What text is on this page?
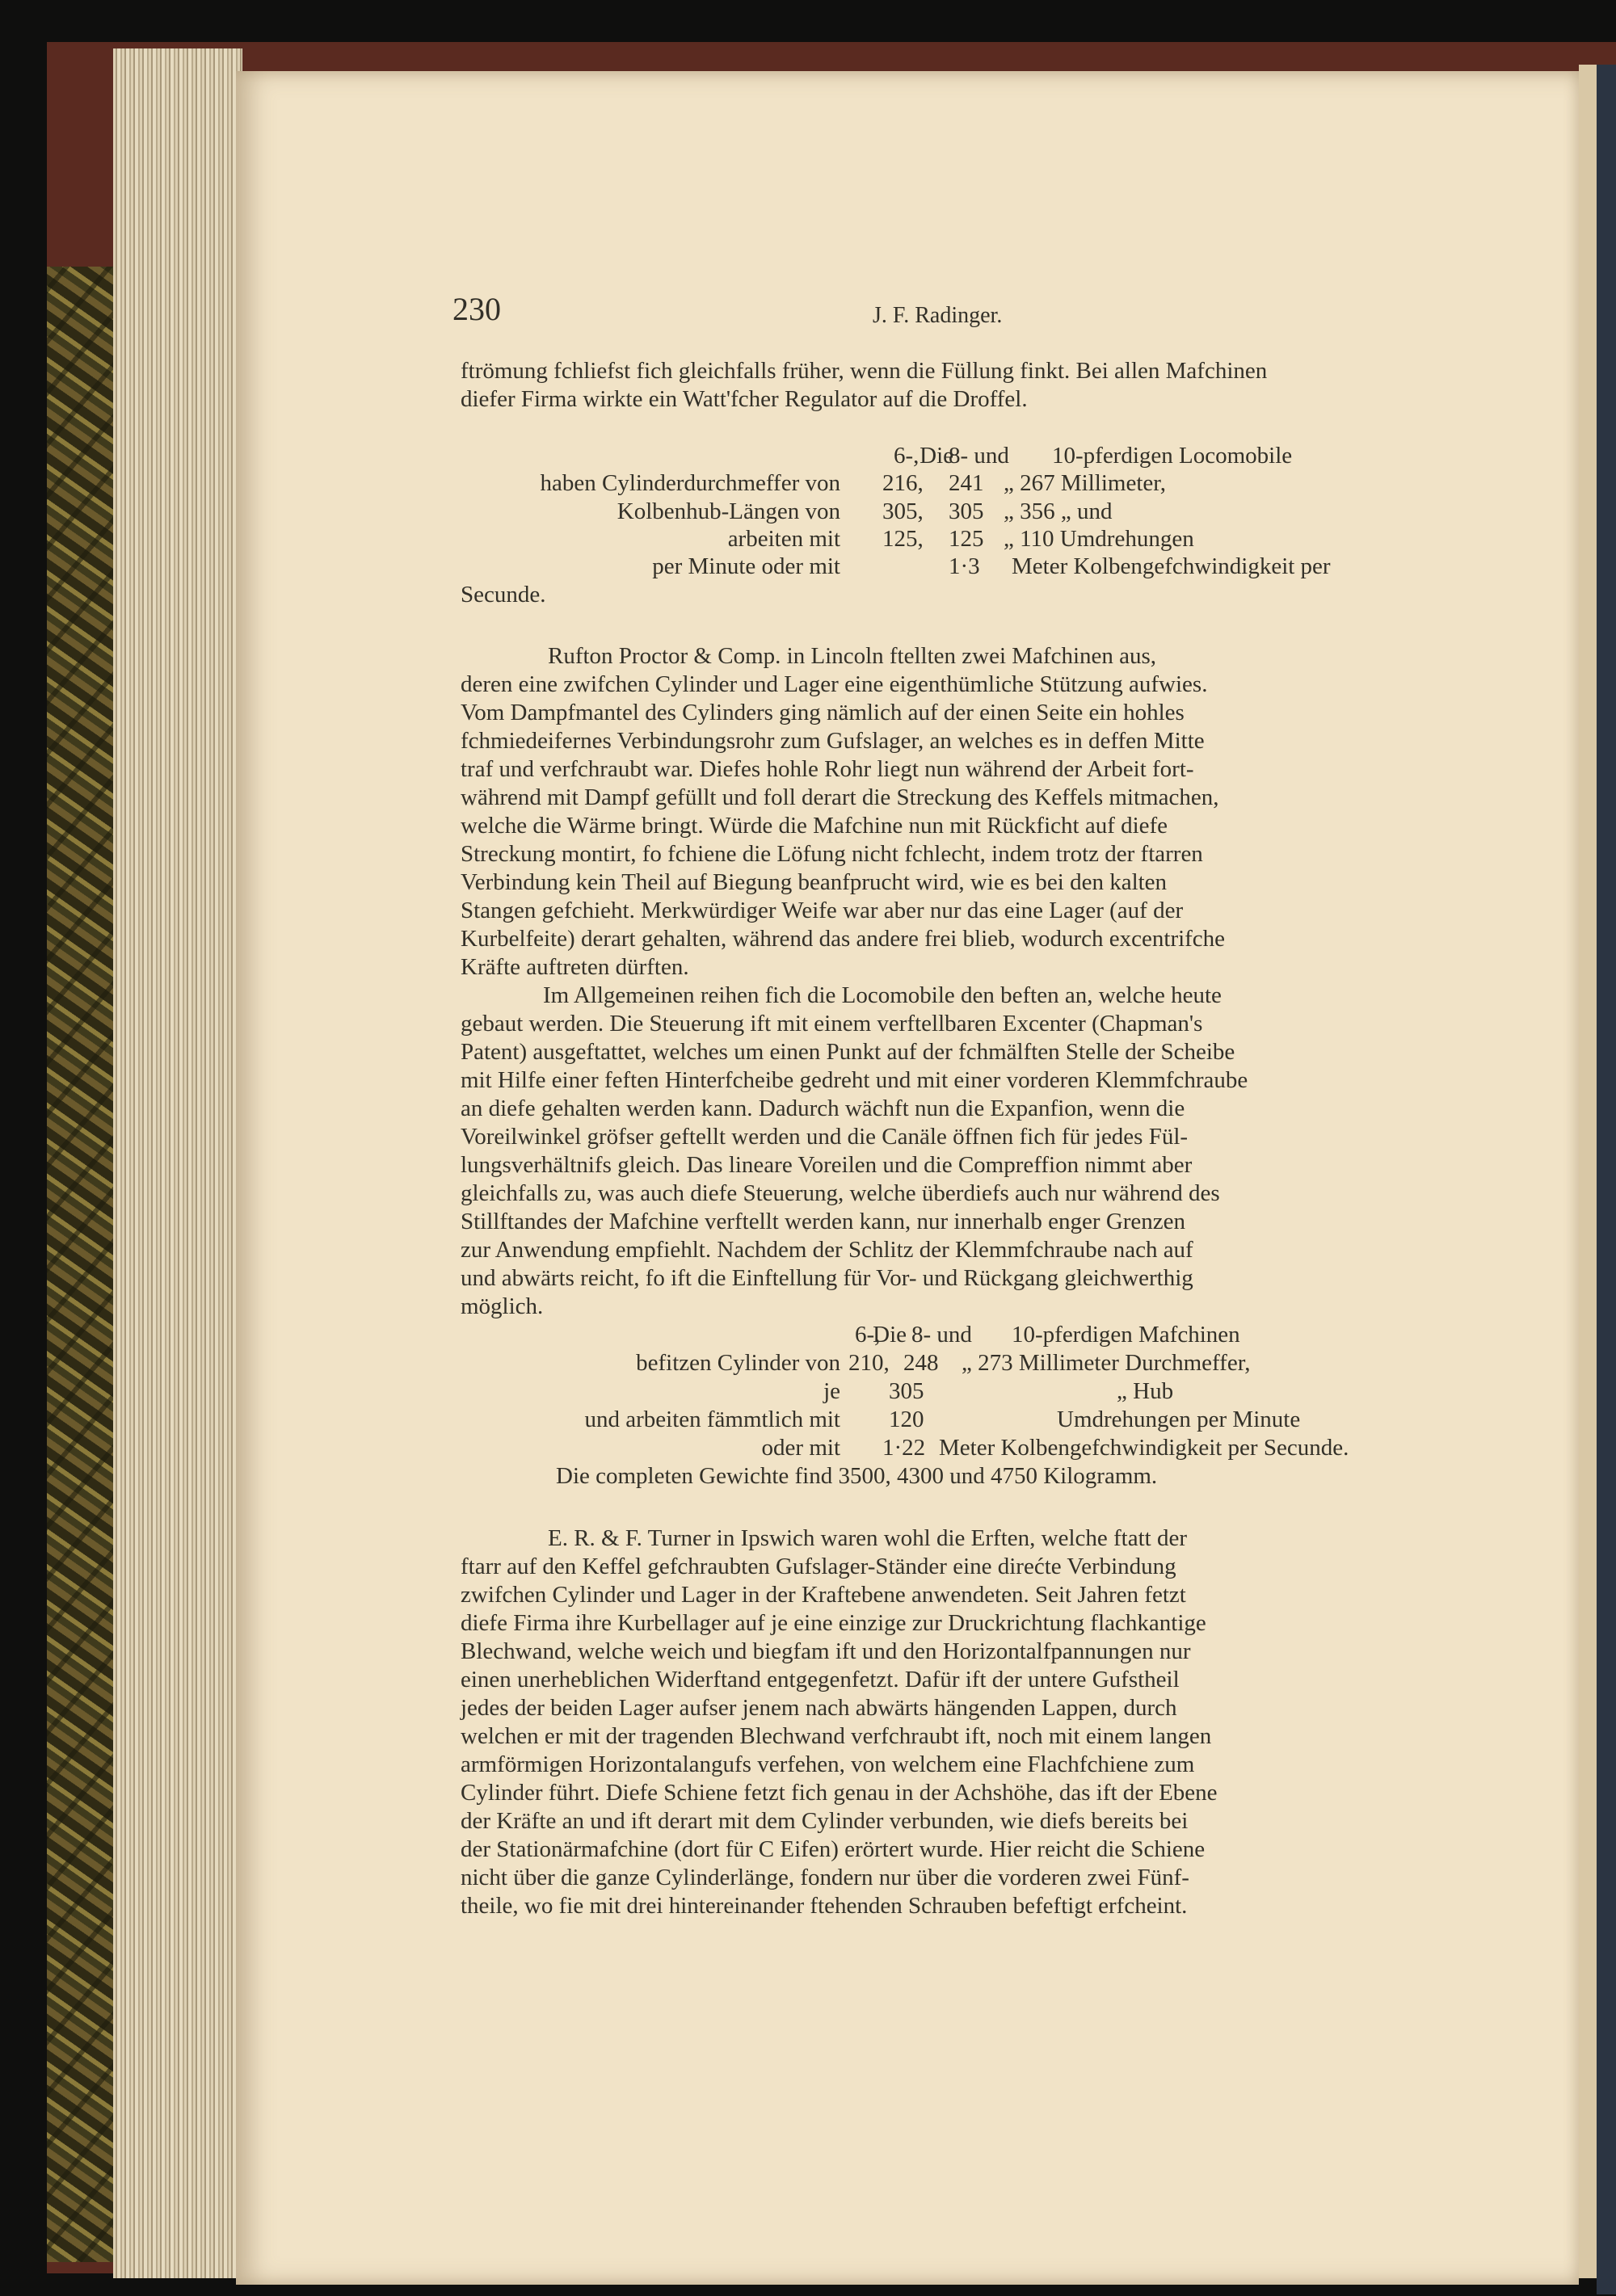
230	J. F. Radinger.
ftrömung fchliefst fich gleichfalls früher, wenn die Füllung finkt. Bei allen Mafchinen
diefer Firma wirkte ein Watt'fcher Regulator auf die Droffel.
Die
haben Cylinderdurchmeffer von
Kolbenhub-Längen von
arbeiten mit
per Minute oder mit
6-,
216,
305,
125,
8- und
241
305
125
1·3
10-pferdigen Locomobile
„ 267 Millimeter,
„ 356 „ und
„ 110 Umdrehungen
Meter Kolbengefchwindigkeit per
Secunde.
Rufton Proctor & Comp. in Lincoln ftellten zwei Mafchinen aus,
deren eine zwifchen Cylinder und Lager eine eigenthümliche Stützung aufwies.
Vom Dampfmantel des Cylinders ging nämlich auf der einen Seite ein hohles
fchmiedeifernes Verbindungsrohr zum Gufslager, an welches es in deffen Mitte
traf und verfchraubt war. Diefes hohle Rohr liegt nun während der Arbeit fort-
während mit Dampf gefüllt und foll derart die Streckung des Keffels mitmachen,
welche die Wärme bringt. Würde die Mafchine nun mit Rückficht auf diefe
Streckung montirt, fo fchiene die Löfung nicht fchlecht, indem trotz der ftarren
Verbindung kein Theil auf Biegung beanfprucht wird, wie es bei den kalten
Stangen gefchieht. Merkwürdiger Weife war aber nur das eine Lager (auf der
Kurbelfeite) derart gehalten, während das andere frei blieb, wodurch excentrifche
Kräfte auftreten dürften.
Im Allgemeinen reihen fich die Locomobile den beften an, welche heute
gebaut werden. Die Steuerung ift mit einem verftellbaren Excenter (Chapman's
Patent) ausgeftattet, welches um einen Punkt auf der fchmälften Stelle der Scheibe
mit Hilfe einer feften Hinterfcheibe gedreht und mit einer vorderen Klemmfchraube
an diefe gehalten werden kann. Dadurch wächft nun die Expanfion, wenn die
Voreilwinkel gröfser geftellt werden und die Canäle öffnen fich für jedes Fül-
lungsverhältnifs gleich. Das lineare Voreilen und die Compreffion nimmt aber
gleichfalls zu, was auch diefe Steuerung, welche überdiefs auch nur während des
Stillftandes der Mafchine verftellt werden kann, nur innerhalb enger Grenzen
zur Anwendung empfiehlt. Nachdem der Schlitz der Klemmfchraube nach auf
und abwärts reicht, fo ift die Einftellung für Vor- und Rückgang gleichwerthig
möglich.
Die
befitzen Cylinder von
je
und arbeiten fämmtlich mit
oder mit
6-,
210,
8- und
248
305
120
1·22
10-pferdigen Mafchinen
„ 273 Millimeter Durchmeffer,
„ Hub
Umdrehungen per Minute
Meter Kolbengefchwindigkeit per Secunde.
Die completen Gewichte find 3500, 4300 und 4750 Kilogramm.
E. R. & F. Turner in Ipswich waren wohl die Erften, welche ftatt der
ftarr auf den Keffel gefchraubten Gufslager-Ständer eine direćte Verbindung
zwifchen Cylinder und Lager in der Kraftebene anwendeten. Seit Jahren fetzt
diefe Firma ihre Kurbellager auf je eine einzige zur Druckrichtung flachkantige
Blechwand, welche weich und biegfam ift und den Horizontalfpannungen nur
einen unerheblichen Widerftand entgegenfetzt. Dafür ift der untere Gufstheil
jedes der beiden Lager aufser jenem nach abwärts hängenden Lappen, durch
welchen er mit der tragenden Blechwand verfchraubt ift, noch mit einem langen
armförmigen Horizontalangufs verfehen, von welchem eine Flachfchiene zum
Cylinder führt. Diefe Schiene fetzt fich genau in der Achshöhe, das ift der Ebene
der Kräfte an und ift derart mit dem Cylinder verbunden, wie diefs bereits bei
der Stationärmafchine (dort für C Eifen) erörtert wurde. Hier reicht die Schiene
nicht über die ganze Cylinderlänge, fondern nur über die vorderen zwei Fünf-
theile, wo fie mit drei hintereinander ftehenden Schrauben befeftigt erfcheint.
